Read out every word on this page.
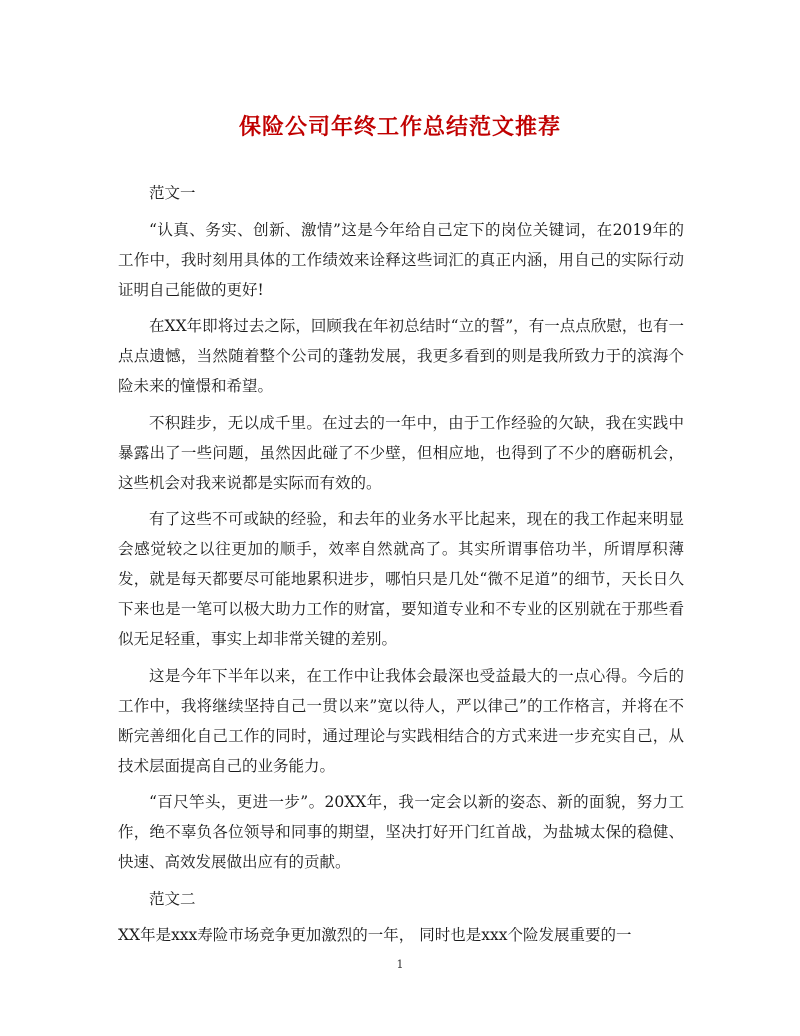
保险公司年终工作总结范文推荐

范文一

“认真、务实、创新、激情”这是今年给自己定下的岗位关键词，在2019年的工作中，我时刻用具体的工作绩效来诠释这些词汇的真正内涵，用自己的实际行动证明自己能做的更好!

在XX年即将过去之际，回顾我在年初总结时“立的誓”，有一点点欣慰，也有一点点遗憾，当然随着整个公司的蓬勃发展，我更多看到的则是我所致力于的滨海个险未来的憧憬和希望。

不积跬步，无以成千里。在过去的一年中，由于工作经验的欠缺，我在实践中暴露出了一些问题，虽然因此碰了不少壁，但相应地，也得到了不少的磨砺机会，这些机会对我来说都是实际而有效的。

有了这些不可或缺的经验，和去年的业务水平比起来，现在的我工作起来明显会感觉较之以往更加的顺手，效率自然就高了。其实所谓事倍功半，所谓厚积薄发，就是每天都要尽可能地累积进步，哪怕只是几处“微不足道”的细节，天长日久下来也是一笔可以极大助力工作的财富，要知道专业和不专业的区别就在于那些看似无足轻重，事实上却非常关键的差别。

这是今年下半年以来，在工作中让我体会最深也受益最大的一点心得。今后的工作中，我将继续坚持自己一贯以来”宽以待人，严以律己”的工作格言，并将在不断完善细化自己工作的同时，通过理论与实践相结合的方式来进一步充实自己，从技术层面提高自己的业务能力。

“百尺竿头，更进一步”。20XX年，我一定会以新的姿态、新的面貌，努力工作，绝不辜负各位领导和同事的期望，坚决打好开门红首战，为盐城太保的稳健、快速、高效发展做出应有的贡献。

范文二

XX年是xxx寿险市场竞争更加激烈的一年， 同时也是xxx个险发展重要的一

1
